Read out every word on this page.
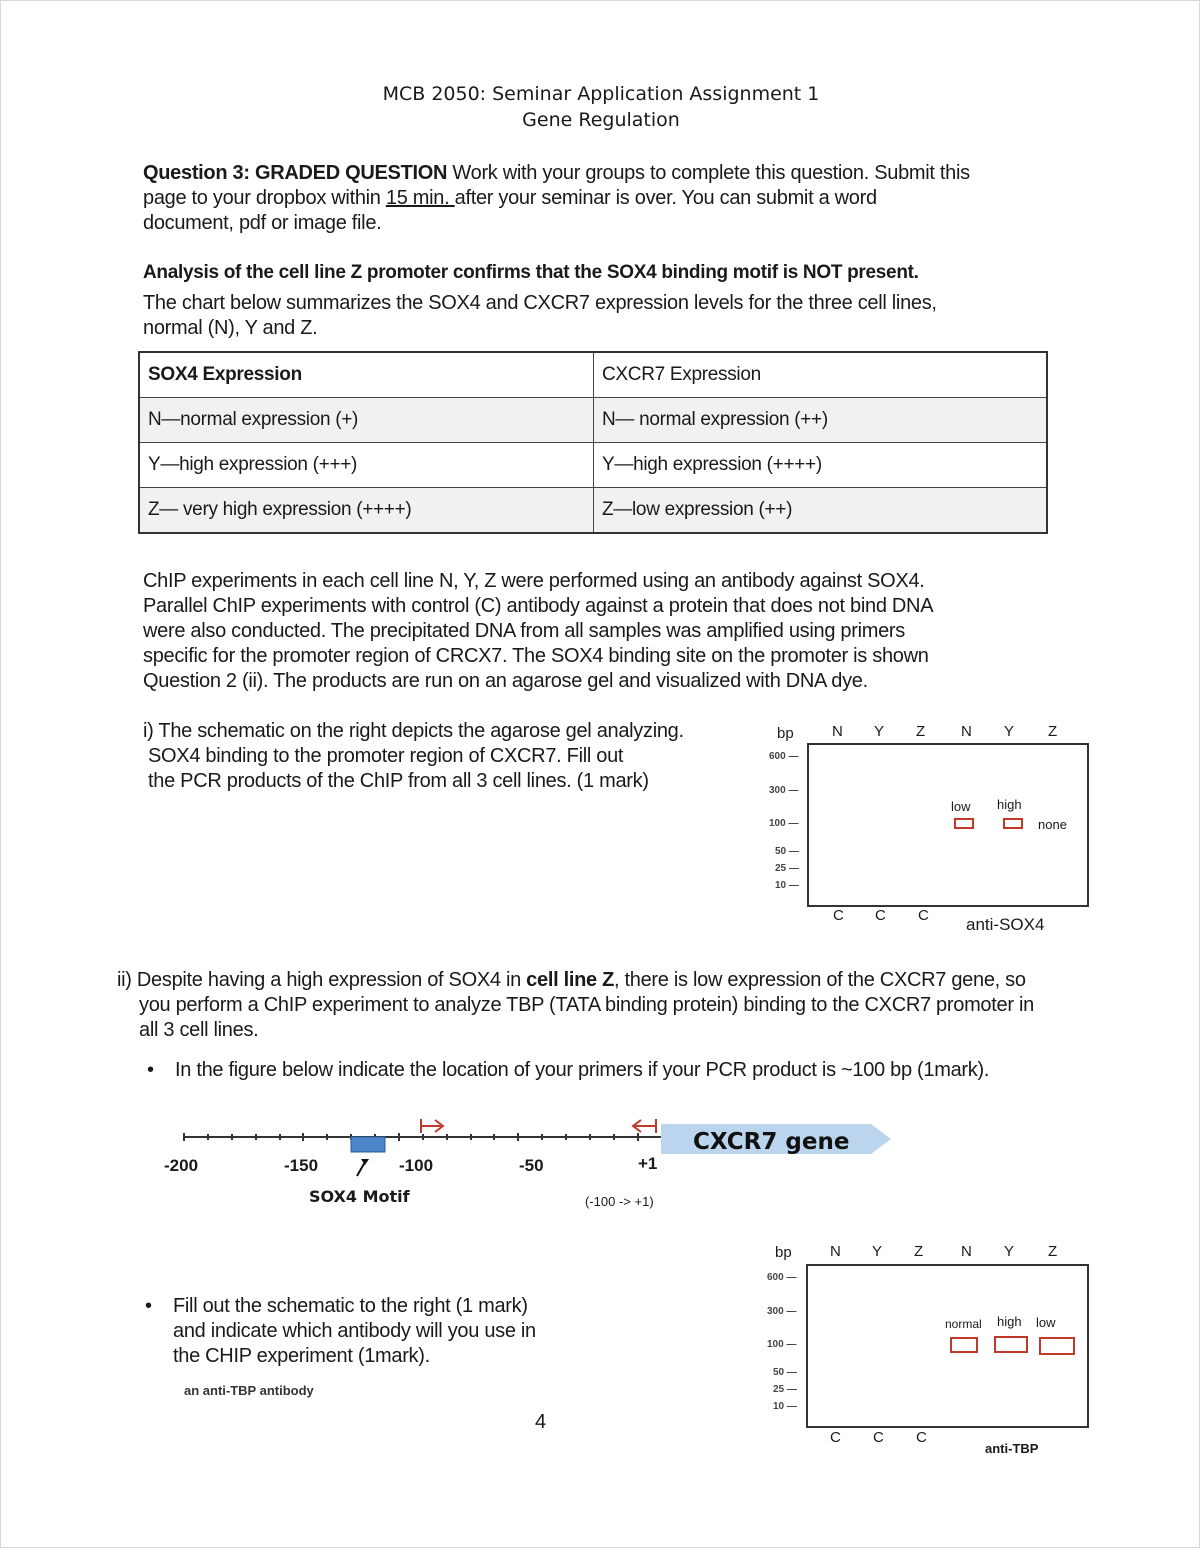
MCB 2050: Seminar Application Assignment 1
Gene Regulation
Question 3: GRADED QUESTION Work with your groups to complete this question. Submit this
page to your dropbox within 15 min. after your seminar is over. You can submit a word
document, pdf or image file.
Analysis of the cell line Z promoter confirms that the SOX4 binding motif is NOT present.
The chart below summarizes the SOX4 and CXCR7 expression levels for the three cell lines,
normal (N), Y and Z.
SOX4 Expression	CXCR7 Expression
N—normal expression (+)	N— normal expression (++)
Y—high expression (+++)	Y—high expression (++++)
Z— very high expression (++++)	Z—low expression (++)
ChIP experiments in each cell line N, Y, Z were performed using an antibody against SOX4.
Parallel ChIP experiments with control (C) antibody against a protein that does not bind DNA
were also conducted. The precipitated DNA from all samples was amplified using primers
specific for the promoter region of CRCX7. The SOX4 binding site on the promoter is shown
Question 2 (ii). The products are run on an agarose gel and visualized with DNA dye.
i) The schematic on the right depicts the agarose gel analyzing.
SOX4 binding to the promoter region of CXCR7. Fill out
the PCR products of the ChIP from all 3 cell lines. (1 mark)
bp	N Y Z N Y Z
600 —
300 —
100 —
50 —
25 —
10 —
low high
none
C C C anti-SOX4
ii) Despite having a high expression of SOX4 in cell line Z, there is low expression of the CXCR7 gene, so
you perform a ChIP experiment to analyze TBP (TATA binding protein) binding to the CXCR7 promoter in
all 3 cell lines.
• In the figure below indicate the location of your primers if your PCR product is ~100 bp (1mark).
CXCR7 gene
-200	-150	-100	-50	+1
SOX4 Motif	(-100 -> +1)
• Fill out the schematic to the right (1 mark)
and indicate which antibody will you use in
the CHIP experiment (1mark).
an anti-TBP antibody
4
bp	N Y Z	N Y Z
600 —
300 —
100 —
50 —
25 —
10 —
normal high low
C C C
anti-TBP
